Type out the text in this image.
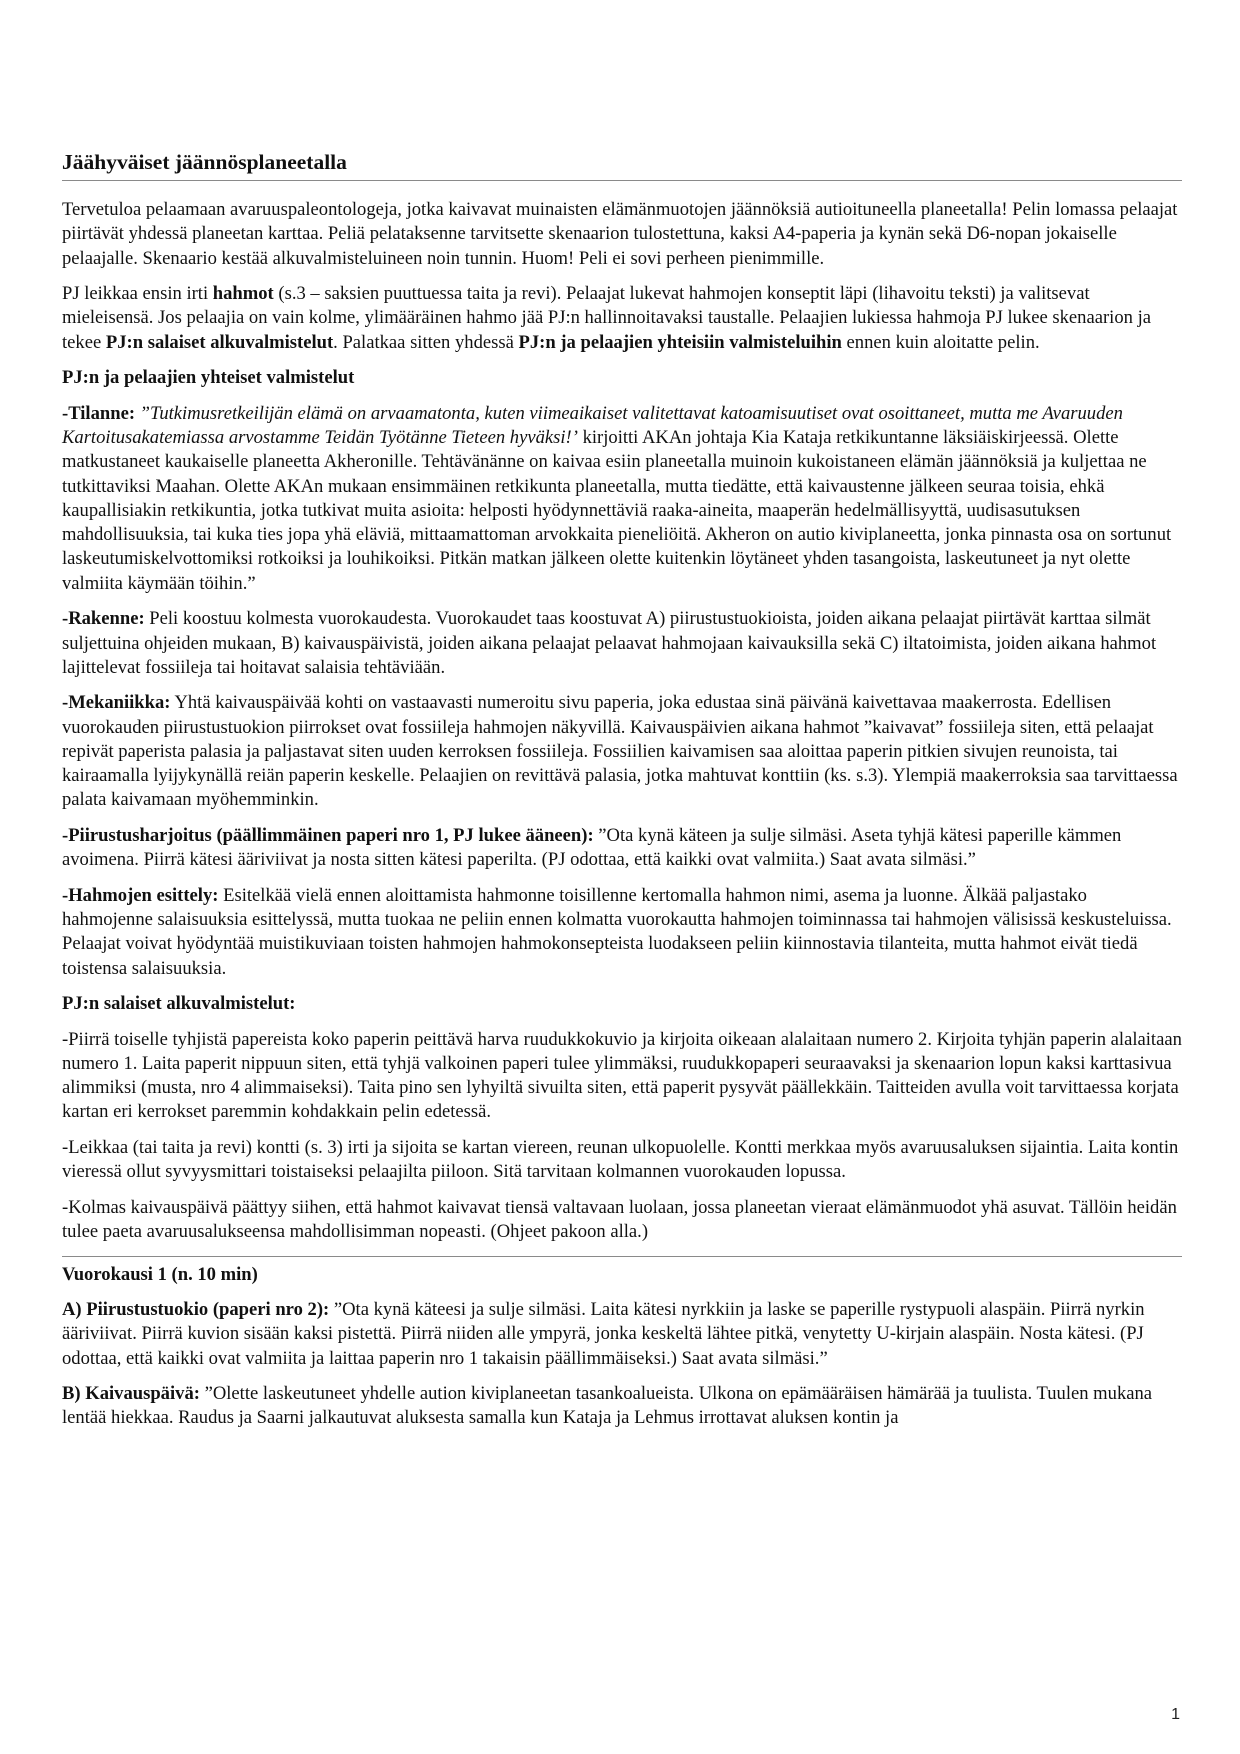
Jäähyväiset jäännösplaneetalla

Tervetuloa pelaamaan avaruuspaleontologeja, jotka kaivavat muinaisten elämänmuotojen jäännöksiä autioituneella planeetalla! Pelin lomassa pelaajat piirtävät yhdessä planeetan karttaa. Peliä pelataksenne tarvitsette skenaarion tulostettuna, kaksi A4-paperia ja kynän sekä D6-nopan jokaiselle pelaajalle. Skenaario kestää alkuvalmisteluineen noin tunnin. Huom! Peli ei sovi perheen pienimmille.

PJ leikkaa ensin irti hahmot (s.3 – saksien puuttuessa taita ja revi). Pelaajat lukevat hahmojen konseptit läpi (lihavoitu teksti) ja valitsevat mieleisensä. Jos pelaajia on vain kolme, ylimääräinen hahmo jää PJ:n hallinnoitavaksi taustalle. Pelaajien lukiessa hahmoja PJ lukee skenaarion ja tekee PJ:n salaiset alkuvalmistelut. Palatkaa sitten yhdessä PJ:n ja pelaajien yhteisiin valmisteluihin ennen kuin aloitatte pelin.

PJ:n ja pelaajien yhteiset valmistelut

-Tilanne: ”Tutkimusretkeilijän elämä on arvaamatonta, kuten viimeaikaiset valitettavat katoamisuutiset ovat osoittaneet, mutta me Avaruuden Kartoitusakatemiassa arvostamme Teidän Työtänne Tieteen hyväksi!’ kirjoitti AKAn johtaja Kia Kataja retkikuntanne läksiäiskirjeessä. Olette matkustaneet kaukaiselle planeetta Akheronille. Tehtävänänne on kaivaa esiin planeetalla muinoin kukoistaneen elämän jäännöksiä ja kuljettaa ne tutkittaviksi Maahan. Olette AKAn mukaan ensimmäinen retkikunta planeetalla, mutta tiedätte, että kaivaustenne jälkeen seuraa toisia, ehkä kaupallisiakin retkikuntia, jotka tutkivat muita asioita: helposti hyödynnettäviä raaka-aineita, maaperän hedelmällisyyttä, uudisasutuksen mahdollisuuksia, tai kuka ties jopa yhä eläviä, mittaamattoman arvokkaita pieneliöitä. Akheron on autio kiviplaneetta, jonka pinnasta osa on sortunut laskeutumiskelvottomiksi rotkoiksi ja louhikoiksi. Pitkän matkan jälkeen olette kuitenkin löytäneet yhden tasangoista, laskeutuneet ja nyt olette valmiita käymään töihin.”

-Rakenne: Peli koostuu kolmesta vuorokaudesta. Vuorokaudet taas koostuvat A) piirustustuokioista, joiden aikana pelaajat piirtävät karttaa silmät suljettuina ohjeiden mukaan, B) kaivauspäivistä, joiden aikana pelaajat pelaavat hahmojaan kaivauksilla sekä C) iltatoimista, joiden aikana hahmot lajittelevat fossiileja tai hoitavat salaisia tehtäviään.

-Mekaniikka: Yhtä kaivauspäivää kohti on vastaavasti numeroitu sivu paperia, joka edustaa sinä päivänä kaivettavaa maakerrosta. Edellisen vuorokauden piirustustuokion piirrokset ovat fossiileja hahmojen näkyvillä. Kaivauspäivien aikana hahmot ”kaivavat” fossiileja siten, että pelaajat repivät paperista palasia ja paljastavat siten uuden kerroksen fossiileja. Fossiilien kaivamisen saa aloittaa paperin pitkien sivujen reunoista, tai kairaamalla lyijykynällä reiän paperin keskelle. Pelaajien on revittävä palasia, jotka mahtuvat konttiin (ks. s.3). Ylempiä maakerroksia saa tarvittaessa palata kaivamaan myöhemminkin.

-Piirustusharjoitus (päällimmäinen paperi nro 1, PJ lukee ääneen): ”Ota kynä käteen ja sulje silmäsi. Aseta tyhjä kätesi paperille kämmen avoimena. Piirrä kätesi ääriviivat ja nosta sitten kätesi paperilta. (PJ odottaa, että kaikki ovat valmiita.) Saat avata silmäsi.”

-Hahmojen esittely: Esitelkää vielä ennen aloittamista hahmonne toisillenne kertomalla hahmon nimi, asema ja luonne. Älkää paljastako hahmojenne salaisuuksia esittelyssä, mutta tuokaa ne peliin ennen kolmatta vuorokautta hahmojen toiminnassa tai hahmojen välisissä keskusteluissa. Pelaajat voivat hyödyntää muistikuviaan toisten hahmojen hahmokonsepteista luodakseen peliin kiinnostavia tilanteita, mutta hahmot eivät tiedä toistensa salaisuuksia.

PJ:n salaiset alkuvalmistelut:

-Piirrä toiselle tyhjistä papereista koko paperin peittävä harva ruudukkokuvio ja kirjoita oikeaan alalaitaan numero 2. Kirjoita tyhjän paperin alalaitaan numero 1. Laita paperit nippuun siten, että tyhjä valkoinen paperi tulee ylimmäksi, ruudukkopaperi seuraavaksi ja skenaarion lopun kaksi karttasivua alimmiksi (musta, nro 4 alimmaiseksi). Taita pino sen lyhyiltä sivuilta siten, että paperit pysyvät päällekkäin. Taitteiden avulla voit tarvittaessa korjata kartan eri kerrokset paremmin kohdakkain pelin edetessä.

-Leikkaa (tai taita ja revi) kontti (s. 3) irti ja sijoita se kartan viereen, reunan ulkopuolelle. Kontti merkkaa myös avaruusaluksen sijaintia. Laita kontin vieressä ollut syvyysmittari toistaiseksi pelaajilta piiloon. Sitä tarvitaan kolmannen vuorokauden lopussa.

-Kolmas kaivauspäivä päättyy siihen, että hahmot kaivavat tiensä valtavaan luolaan, jossa planeetan vieraat elämänmuodot yhä asuvat. Tällöin heidän tulee paeta avaruusalukseensa mahdollisimman nopeasti. (Ohjeet pakoon alla.)

Vuorokausi 1 (n. 10 min)

A) Piirustustuokio (paperi nro 2): ”Ota kynä käteesi ja sulje silmäsi. Laita kätesi nyrkkiin ja laske se paperille rystypuoli alaspäin. Piirrä nyrkin ääriviivat. Piirrä kuvion sisään kaksi pistettä. Piirrä niiden alle ympyrä, jonka keskeltä lähtee pitkä, venytetty U-kirjain alaspäin. Nosta kätesi. (PJ odottaa, että kaikki ovat valmiita ja laittaa paperin nro 1 takaisin päällimmäiseksi.) Saat avata silmäsi.”

B) Kaivauspäivä: ”Olette laskeutuneet yhdelle aution kiviplaneetan tasankoalueista. Ulkona on epämääräisen hämärää ja tuulista. Tuulen mukana lentää hiekkaa. Raudus ja Saarni jalkautuvat aluksesta samalla kun Kataja ja Lehmus irrottavat aluksen kontin ja

1
